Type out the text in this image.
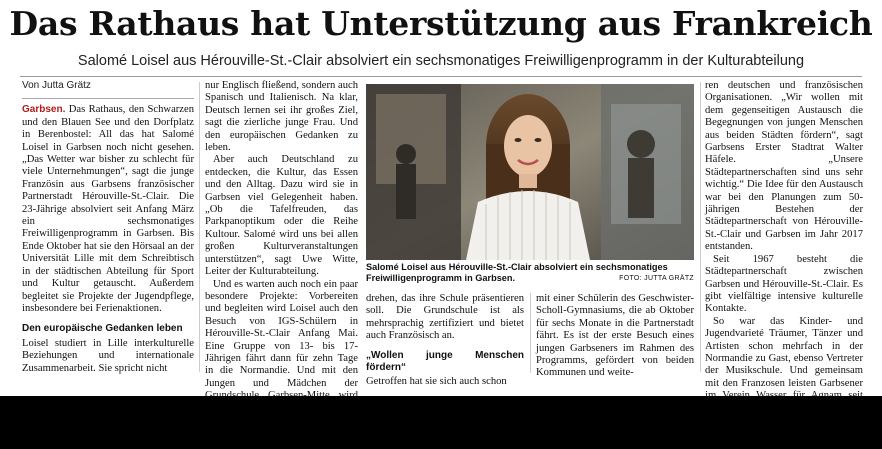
Das Rathaus hat Unterstützung aus Frankreich
Salomé Loisel aus Hérouville-St.-Clair absolviert ein sechsmonatiges Freiwilligenprogramm in der Kulturabteilung
Von Jutta Grätz

Garbsen. Das Rathaus, den Schwarzen und den Blauen See und den Dorfplatz in Berenbostel: All das hat Salomé Loisel in Garbsen noch nicht gesehen. „Das Wetter war bisher zu schlecht für viele Unternehmungen“, sagt die junge Französin aus Garbsens französischer Partnerstadt Hérouville-St.-Clair. Die 23-Jährige absolviert seit Anfang März ein sechsmonatiges Freiwilligenprogramm in Garbsen. Bis Ende Oktober hat sie den Hörsaal an der Universität Lille mit dem Schreibtisch in der städtischen Abteilung für Sport und Kultur getauscht. Außerdem begleitet sie Projekte der Jugendpflege, insbesondere bei Ferienaktionen.

Den europäische Gedanken leben

Loisel studiert in Lille interkulturelle Beziehungen und internationale Zusammenarbeit. Sie spricht nicht

nur Englisch fließend, sondern auch Spanisch und Italienisch. Na klar, Deutsch lernen sei ihr großes Ziel, sagt die zierliche junge Frau. Und den europäischen Gedanken zu leben.

Aber auch Deutschland zu entdecken, die Kultur, das Essen und den Alltag. Dazu wird sie in Garbsen viel Gelegenheit haben. „Ob die Tafelfreuden, das Parkpanoptikum oder die Reihe Kultour. Salomé wird uns bei allen großen Kulturveranstaltungen unterstützen“, sagt Uwe Witte, Leiter der Kulturabteilung.

Und es warten auch noch ein paar besondere Projekte: Vorbereiten und begleiten wird Loisel auch den Besuch von IGS-Schülern in Hérouville-St.-Clair Anfang Mai. Eine Gruppe von 13- bis 17-Jährigen fährt dann für zehn Tage in die Normandie. Und mit den Jungen und Mädchen der

Salomé Loisel aus Hérouville-St.-Clair absolviert ein sechsmonatiges Freiwilligenprogramm in Garbsen.	FOTO: JUTTA GRÄTZ

drehen, das ihre Schule präsentieren soll. Die Grundschule ist als mehrsprachig zertifiziert und bietet auch Französisch an.

„Wollen junge Menschen fördern“

Getroffen hat sie sich auch schon

mit einer Schülerin des Geschwister-Scholl-Gymnasiums, die ab Oktober für sechs Monate in die Partnerstadt fährt. Es ist der erste Besuch eines jungen Garbseners im Rahmen des Programms, gefördert von beiden Kommunen und weite-

ren deutschen und französischen Organisationen. „Wir wollen mit dem gegenseitigen Austausch die Begegnungen von jungen Menschen aus beiden Städten fördern“, sagt Garbsens Erster Stadtrat Walter Häfele. „Unsere Städtepartnerschaften sind uns sehr wichtig.“ Die Idee für den Austausch war bei den Planungen zum 50-jährigen Bestehen der Städtepartnerschaft von Hérouville-St.-Clair und Garbsen im Jahr 2017 entstanden.

Seit 1967 besteht die Städtepartnerschaft zwischen Garbsen und Hérouville-St.-Clair. Es gibt vielfältige intensive kulturelle Kontakte.

So war das Kinder- und Jugendvarieté Träumer, Tänzer und Artisten schon mehrfach in der Normandie zu Gast, ebenso Vertreter der Musikschule. Und gemeinsam mit den Franzosen leisten Garbsener
